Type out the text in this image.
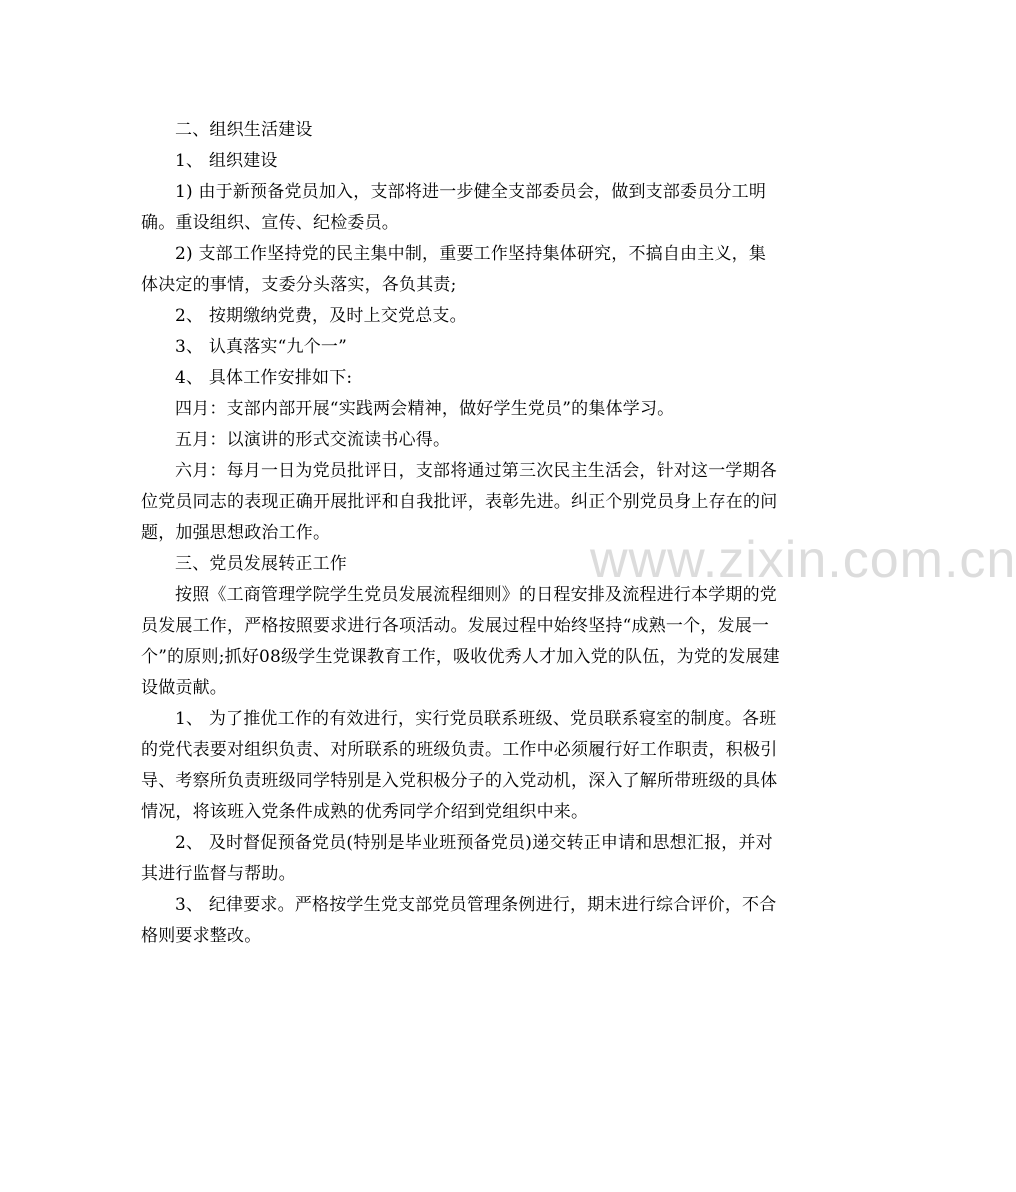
二、组织生活建设

1、 组织建设

1) 由于新预备党员加入，支部将进一步健全支部委员会，做到支部委员分工明确。重设组织、宣传、纪检委员。

2) 支部工作坚持党的民主集中制，重要工作坚持集体研究，不搞自由主义，集体决定的事情，支委分头落实，各负其责;

2、 按期缴纳党费，及时上交党总支。

3、 认真落实“九个一”

4、 具体工作安排如下:

四月：支部内部开展“实践两会精神，做好学生党员”的集体学习。

五月：以演讲的形式交流读书心得。

六月：每月一日为党员批评日，支部将通过第三次民主生活会，针对这一学期各位党员同志的表现正确开展批评和自我批评，表彰先进。纠正个别党员身上存在的问题，加强思想政治工作。

三、党员发展转正工作

按照《工商管理学院学生党员发展流程细则》的日程安排及流程进行本学期的党员发展工作，严格按照要求进行各项活动。发展过程中始终坚持“成熟一个，发展一个”的原则;抓好08级学生党课教育工作，吸收优秀人才加入党的队伍，为党的发展建设做贡献。

1、 为了推优工作的有效进行，实行党员联系班级、党员联系寝室的制度。各班的党代表要对组织负责、对所联系的班级负责。工作中必须履行好工作职责，积极引导、考察所负责班级同学特别是入党积极分子的入党动机，深入了解所带班级的具体情况，将该班入党条件成熟的优秀同学介绍到党组织中来。

2、 及时督促预备党员(特别是毕业班预备党员)递交转正申请和思想汇报，并对其进行监督与帮助。

3、 纪律要求。严格按学生党支部党员管理条例进行，期末进行综合评价，不合格则要求整改。

www.zixin.com.cn
